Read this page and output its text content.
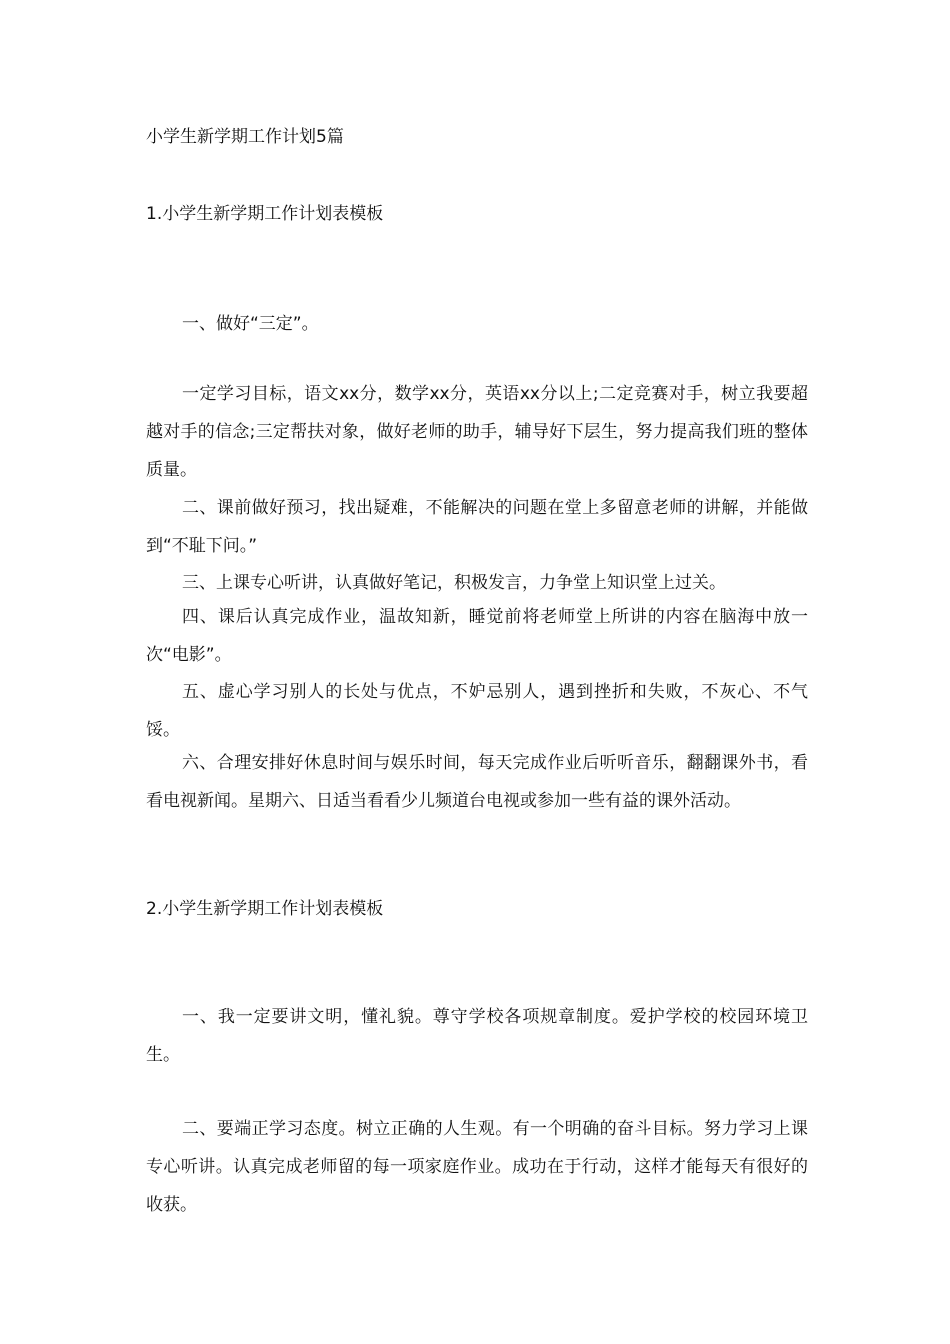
小学生新学期工作计划5篇
1.小学生新学期工作计划表模板

一、做好“三定”。

一定学习目标，语文xx分，数学xx分，英语xx分以上;二定竞赛对手，树立我要超越对手的信念;三定帮扶对象，做好老师的助手，辅导好下层生，努力提高我们班的整体质量。

二、课前做好预习，找出疑难，不能解决的问题在堂上多留意老师的讲解，并能做到“不耻下问。”

三、上课专心听讲，认真做好笔记，积极发言，力争堂上知识堂上过关。

四、课后认真完成作业，温故知新，睡觉前将老师堂上所讲的内容在脑海中放一次“电影”。

五、虚心学习别人的长处与优点，不妒忌别人，遇到挫折和失败，不灰心、不气馁。

六、合理安排好休息时间与娱乐时间，每天完成作业后听听音乐，翻翻课外书，看看电视新闻。星期六、日适当看看少儿频道台电视或参加一些有益的课外活动。

2.小学生新学期工作计划表模板

一、我一定要讲文明，懂礼貌。尊守学校各项规章制度。爱护学校的校园环境卫生。

二、要端正学习态度。树立正确的人生观。有一个明确的奋斗目标。努力学习上课专心听讲。认真完成老师留的每一项家庭作业。成功在于行动，这样才能每天有很好的收获。
